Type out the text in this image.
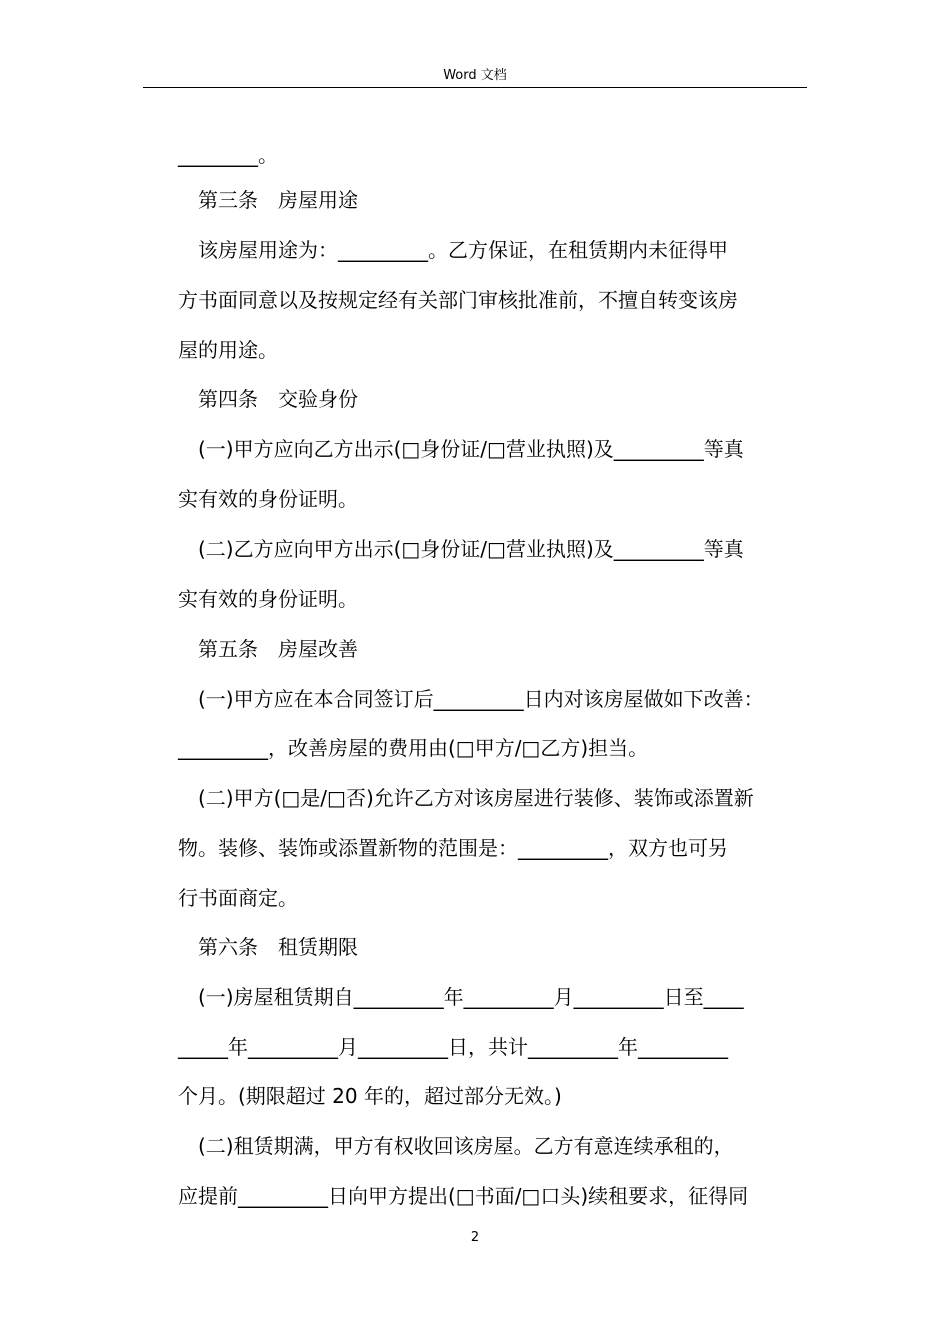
Word 文档
________。
第三条　房屋用途
该房屋用途为：_________。乙方保证，在租赁期内未征得甲
方书面同意以及按规定经有关部门审核批准前，不擅自转变该房
屋的用途。
第四条　交验身份
(一)甲方应向乙方出示(□身份证/□营业执照)及_________等真
实有效的身份证明。
(二)乙方应向甲方出示(□身份证/□营业执照)及_________等真
实有效的身份证明。
第五条　房屋改善
(一)甲方应在本合同签订后_________日内对该房屋做如下改善：
_________，改善房屋的费用由(□甲方/□乙方)担当。
(二)甲方(□是/□否)允许乙方对该房屋进行装修、装饰或添置新
物。装修、装饰或添置新物的范围是：_________，双方也可另
行书面商定。
第六条　租赁期限
(一)房屋租赁期自_________年_________月_________日至____
_____年_________月_________日，共计_________年_________
个月。(期限超过 20 年的，超过部分无效。)
(二)租赁期满，甲方有权收回该房屋。乙方有意连续承租的，
应提前_________日向甲方提出(□书面/□口头)续租要求，征得同
2
